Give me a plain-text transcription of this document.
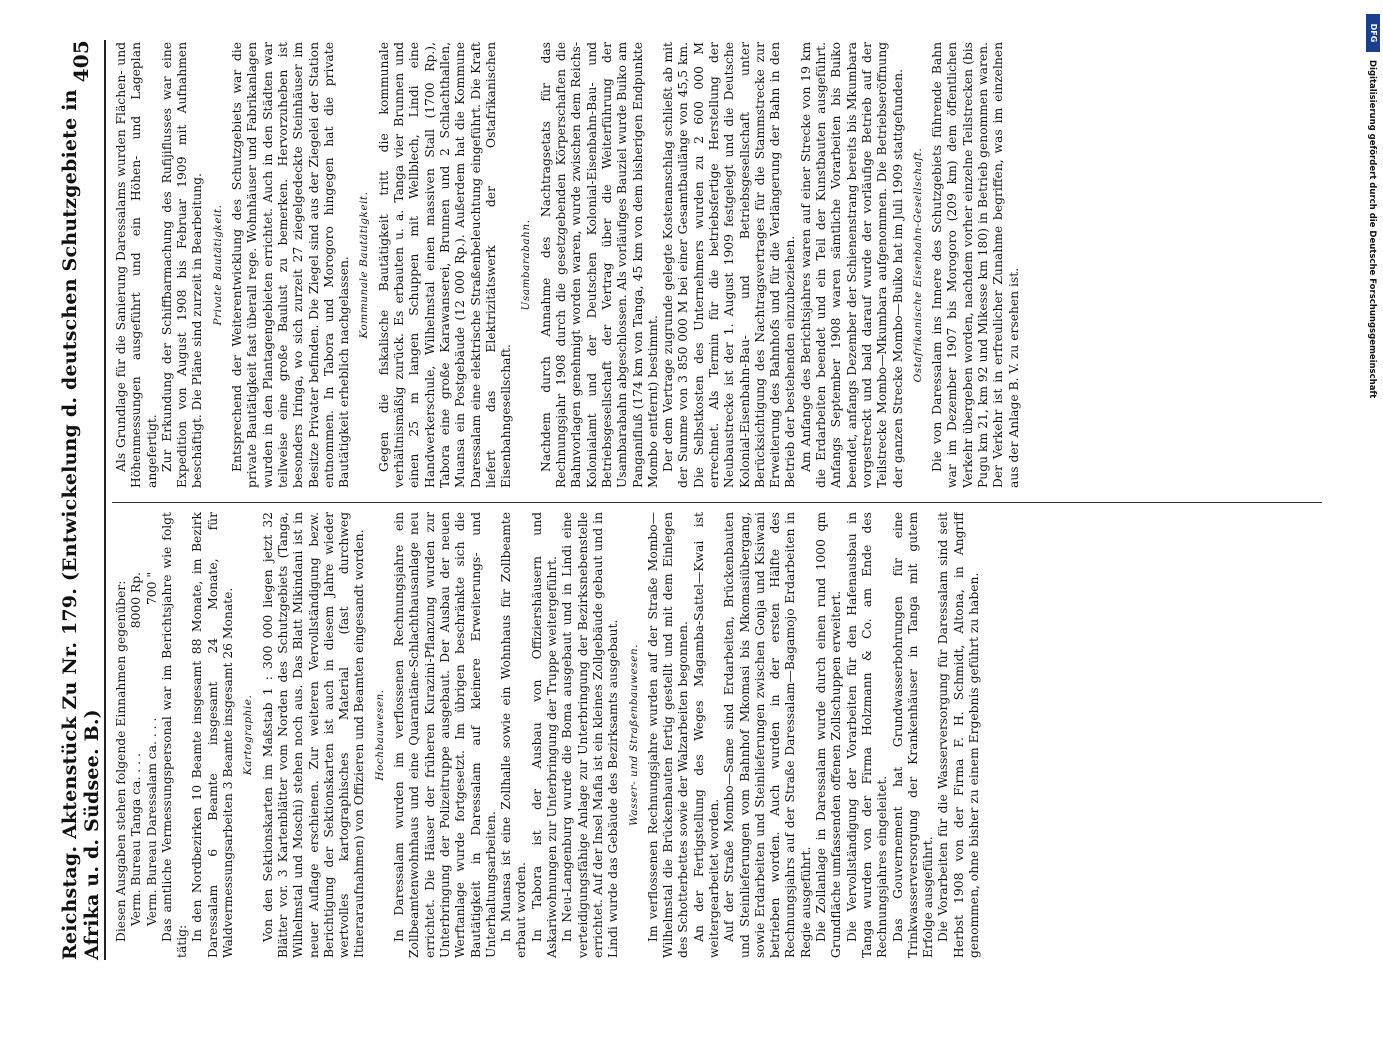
Reichstag. Aktenstück Zu Nr. 179. (Entwickelung d. deutschen Schutzgebiete in Afrika u. d. Südsee. B.)
405

Diesen Ausgaben stehen folgende Einnahmen gegenüber: Verm. Bureau Tanga ca. . . .
8000 Rp.
Verm. Bureau Daressalam ca. . . .
700 " Das amtliche Vermessungspersonal war im Berichtsjahre wie folgt tätig: In den Nordbezirken 10 Beamte insgesamt 88 Monate, im Bezirk Daressalam 6 Beamte insgesamt 24 Monate, für Waldvermessungsarbeiten 3 Beamte insgesamt 26 Monate. Kartographie. Von den Sektionskarten im Maßstab 1 : 300 000 liegen jetzt 32 Blätter vor. 3 Kartenblätter vom Norden des Schutzgebiets (Tanga, Wilhelmstal und Moschi) stehen noch aus. Das Blatt Mikindani ist in neuer Auflage erschienen. Zur weiteren Vervollständigung bezw. Berichtigung der Sektionskarten ist auch in diesem Jahre wieder wertvolles kartographisches Material (fast durchweg Itineraraufnahmen) von Offizieren und Beamten eingesandt worden. Hochbauwesen. In Daressalam wurden im verflossenen Rechnungsjahre ein Zollbeamtenwohnhaus und eine Quarantäne-Schlachthausanlage neu errichtet. Die Häuser der früheren Kurazini-Pflanzung wurden zur Unterbringung der Polizeitruppe ausgebaut. Der Ausbau der neuen Werftanlage wurde fortgesetzt. Im übrigen beschränkte sich die Bautätigkeit in Daressalam auf kleinere Erweiterungs- und Unterhaltungsarbeiten. In Muansa ist eine Zollhalle sowie ein Wohnhaus für Zollbeamte erbaut worden. In Tabora ist der Ausbau von Offiziershäusern und Askariwohnungen zur Unterbringung der Truppe weitergeführt. In Neu-Langenburg wurde die Boma ausgebaut und in Lindi eine verteidigungsfähige Anlage zur Unterbringung der Bezirksnebenstelle errichtet. Auf der Insel Mafia ist ein kleines Zollgebäude gebaut und in Lindi wurde das Gebäude des Bezirksamts ausgebaut. Wasser- und Straßenbauwesen. Im verflossenen Rechnungsjahre wurden auf der Straße Mombo—Wilhelmstal die Brückenbauten fertig gestellt und mit dem Einlegen des Schotterbettes sowie der Walzarbeiten begonnen. An der Fertigstellung des Weges Magamba-Sattel—Kwai ist weitergearbeitet worden. Auf der Straße Mombo—Same sind Erdarbeiten, Brückenbauten und Steinlieferungen vom Bahnhof Mkomasi bis Mkomasiübergang, sowie Erdarbeiten und Steinlieferungen zwischen Gonja und Kisiwani betrieben worden. Auch wurden in der ersten Hälfte des Rechnungsjahrs auf der Straße Daressalam—Bagamojo Erdarbeiten in Regie ausgeführt. Die Zollanlage in Daressalam wurde durch einen rund 1000 qm Grundfläche umfassenden offenen Zollschuppen erweitert. Die Vervollständigung der Vorarbeiten für den Hafenausbau in Tanga wurden von der Firma Holzmann & Co. am Ende des Rechnungsjahres eingeleitet. Das Gouvernement hat Grundwasserbohrungen für eine Trinkwasserversorgung der Krankenhäuser in Tanga mit gutem Erfolge ausgeführt. Die Vorarbeiten für die Wasserversorgung für Daressalam sind seit Herbst 1908 von der Firma F. H. Schmidt, Altona, in Angriff genommen, ohne bisher zu einem Ergebnis geführt zu haben.

Als Grundlage für die Sanierung Daressalams wurden Flächen- und Höhenmessungen ausgeführt und ein Höhen- und Lageplan angefertigt. Zur Erkundung der Schiffbarmachung des Rufijiflusses war eine Expedition von August 1908 bis Februar 1909 mit Aufnahmen beschäftigt. Die Pläne sind zurzeit in Bearbeitung. Private Bautätigkeit. Entsprechend der Weiterentwicklung des Schutzgebiets war die private Bautätigkeit fast überall rege. Wohnhäuser und Fabrikanlagen wurden in den Plantagengebieten errichtet. Auch in den Städten war teilweise eine große Baulust zu bemerken. Hervorzuheben ist besonders Iringa, wo sich zurzeit 27 ziegelgedeckte Steinhäuser im Besitze Privater befinden. Die Ziegel sind aus der Ziegelei der Station entnommen. In Tabora und Morogoro hingegen hat die private Bautätigkeit erheblich nachgelassen. Kommunale Bautätigkeit. Gegen die fiskalische Bautätigkeit tritt die kommunale verhältnismäßig zurück. Es erbauten u. a. Tanga vier Brunnen und einen 25 m langen Schuppen mit Wellblech, Lindi eine Handwerkerschule, Wilhelmstal einen massiven Stall (1700 Rp.), Tabora eine große Karawanserei, Brunnen und 2 Schlachthallen, Muansa ein Postgebäude (12 000 Rp.). Außerdem hat die Kommune Daressalam eine elektrische Straßenbeleuchtung eingeführt. Die Kraft liefert das Elektrizitätswerk der Ostafrikanischen Eisenbahngesellschaft.

Usambarabahn. Nachdem durch Annahme des Nachtragsetats für das Rechnungsjahr 1908 durch die gesetzgebenden Körperschaften die Bahnvorlagen genehmigt worden waren, wurde zwischen dem Reichs-Kolonialamt und der Deutschen Kolonial-Eisenbahn-Bau- und Betriebsgesellschaft der Vertrag über die Weiterführung der Usambarabahn abgeschlossen. Als vorläufiges Bauziel wurde Buiko am Panganifluß (174 km von Tanga, 45 km von dem bisherigen Endpunkte Mombo entfernt) bestimmt. Der dem Vertrage zugrunde gelegte Kostenanschlag schließt ab mit der Summe von 3 850 000 M bei einer Gesamtbaulänge von 45,5 km. Die Selbstkosten des Unternehmers wurden zu 2 600 000 M errechnet. Als Termin für die betriebsfertige Herstellung der Neubaustrecke ist der 1. August 1909 festgelegt und die Deutsche Kolonial-Eisenbahn-Bau- und Betriebsgesellschaft unter Berücksichtigung des Nachtragsvertrages für die Stammstrecke zur Erweiterung des Bahnhofs und für die Verlängerung der Bahn in den Betrieb der bestehenden einzubeziehen. Am Anfange des Berichtsjahres waren auf einer Strecke von 19 km die Erdarbeiten beendet und ein Teil der Kunstbauten ausgeführt. Anfangs September 1908 waren sämtliche Vorarbeiten bis Buiko beendet, anfangs Dezember der Schienenstrang bereits bis Mkumbara vorgestreckt und bald darauf wurde der vorläufige Betrieb auf der Teilstrecke Mombo—Mkumbara aufgenommen. Die Betriebseröffnung der ganzen Strecke Mombo—Buiko hat im Juli 1909 stattgefunden. Ostafrikanische Eisenbahn-Gesellschaft. Die von Daressalam ins Innere des Schutzgebiets führende Bahn war im Dezember 1907 bis Morogoro (209 km) dem öffentlichen Verkehr übergeben worden, nachdem vorher einzelne Teilstrecken (bis Pugu km 21, km 92 und Mikesse km 180) in Betrieb genommen waren. Der Verkehr ist in erfreulicher Zunahme begriffen, was im einzelnen aus der Anlage B. V. zu ersehen ist.

DFG
Digitalisierung gefördert durch die Deutsche Forschungsgemeinschaft
